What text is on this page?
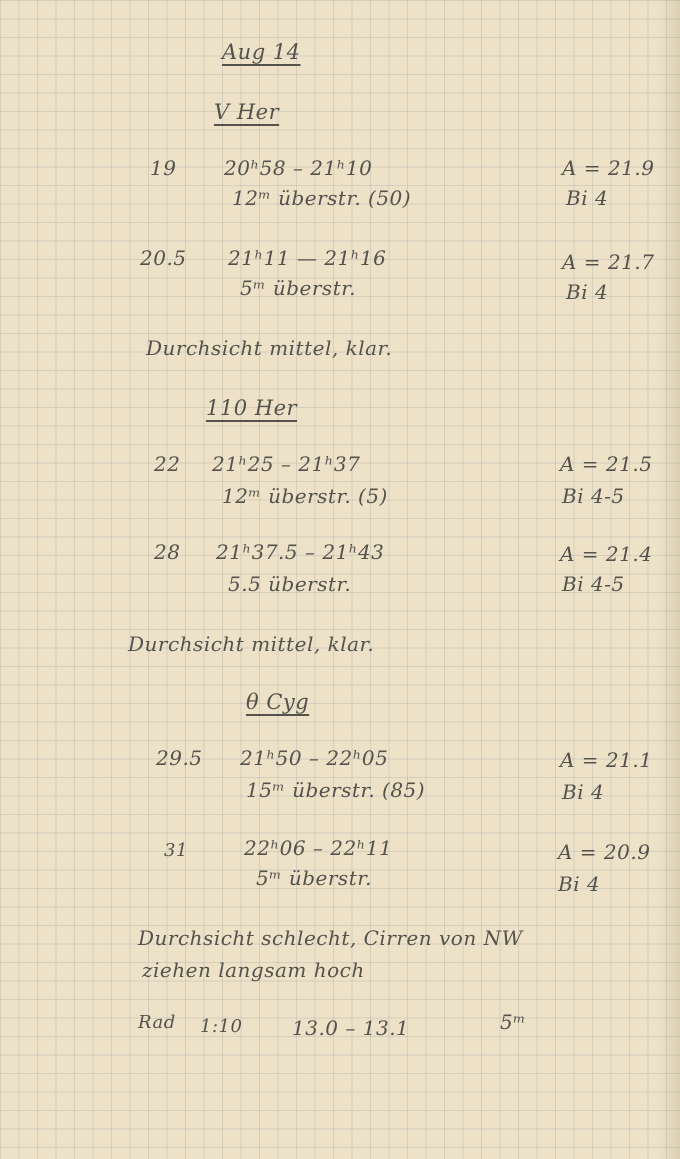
Aug 14
V Her
19 20ʰ58 – 21ʰ10
12ᵐ überstr. (50)
A = 21.9
Bi 4
20.5 21ʰ11 — 21ʰ16
5ᵐ überstr.
A = 21.7
Bi 4
Durchsicht mittel, klar.
110 Her
22 21ʰ25 – 21ʰ37
12ᵐ überstr. (5)
A = 21.5
Bi 4-5
28 21ʰ37.5 – 21ʰ43
5.5 überstr.
A = 21.4
Bi 4-5
Durchsicht mittel, klar.
θ Cyg
29.5 21ʰ50 – 22ʰ05
15ᵐ überstr. (85)
A = 21.1
Bi 4
31	22ʰ06 – 22ʰ11
5ᵐ überstr.
A = 20.9
Bi 4
Durchsicht schlecht, Cirren von NW
ziehen langsam hoch
Rad 1:10 13.0 – 13.1	5ᵐ
